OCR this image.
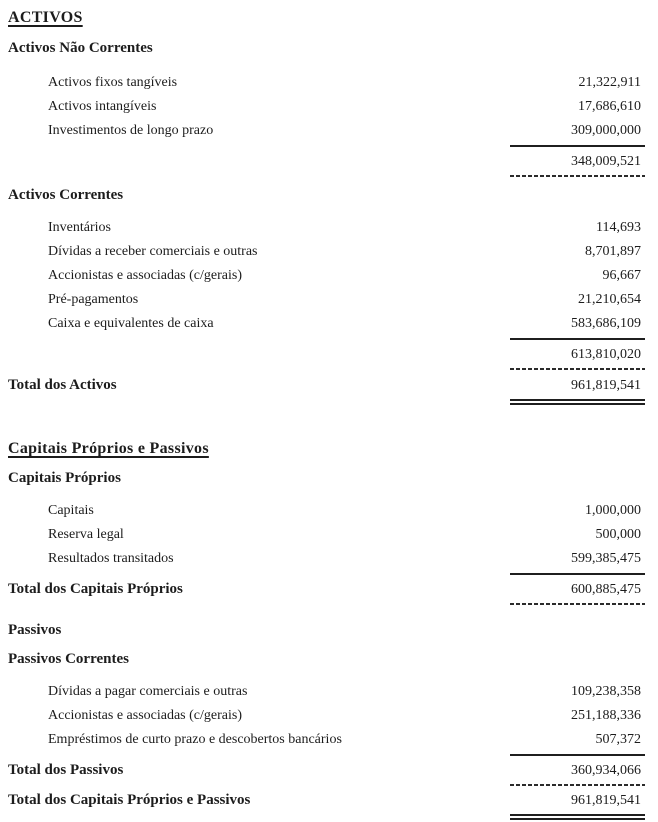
ACTIVOS
Activos Não Correntes
Activos fixos tangíveis	21,322,911
Activos intangíveis	17,686,610
Investimentos de longo prazo	309,000,000
348,009,521
Activos Correntes
Inventários	114,693
Dívidas a receber comerciais e outras	8,701,897
Accionistas e associadas (c/gerais)	96,667
Pré-pagamentos	21,210,654
Caixa e equivalentes de caixa	583,686,109
613,810,020
Total dos Activos	961,819,541
Capitais Próprios e Passivos
Capitais Próprios
Capitais	1,000,000
Reserva legal	500,000
Resultados transitados	599,385,475
Total dos Capitais Próprios	600,885,475
Passivos
Passivos Correntes
Dívidas a pagar comerciais e outras	109,238,358
Accionistas e associadas (c/gerais)	251,188,336
Empréstimos de curto prazo e descobertos bancários	507,372
Total dos Passivos	360,934,066
Total dos Capitais Próprios e Passivos	961,819,541
